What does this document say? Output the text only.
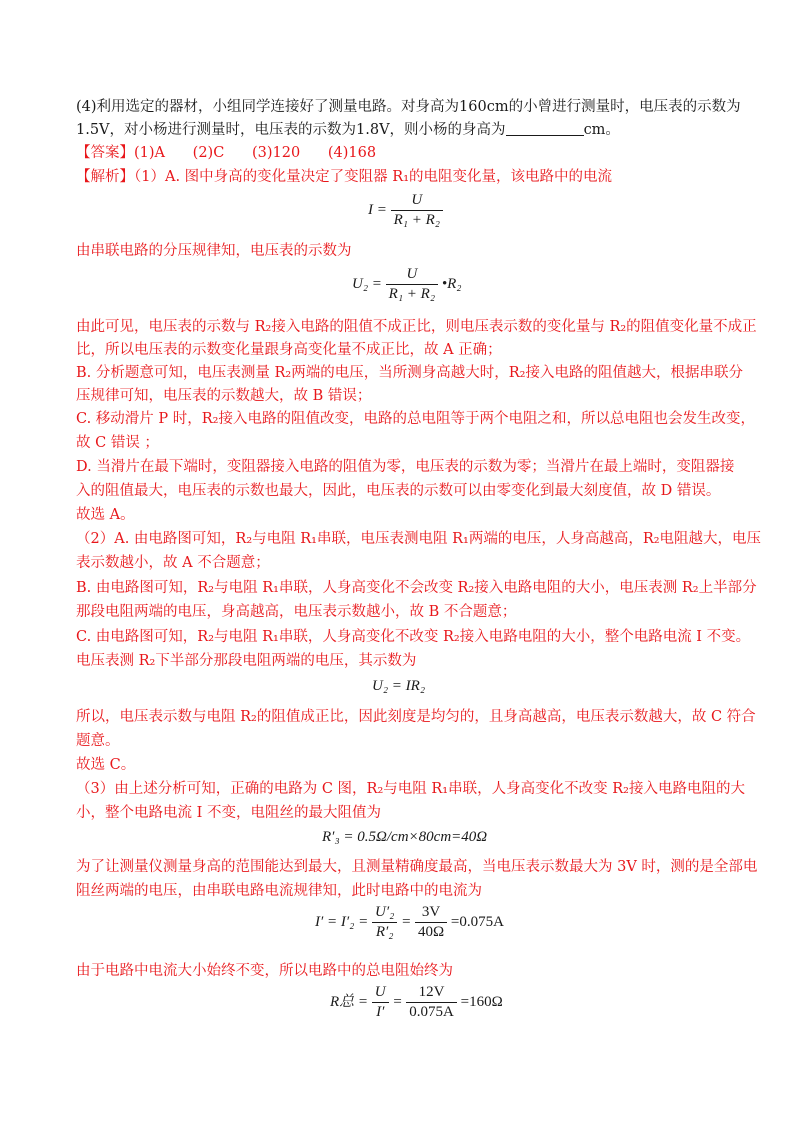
(4)利用选定的器材，小组同学连接好了测量电路。对身高为160cm的小曾进行测量时，电压表的示数为
1.5V，对小杨进行测量时，电压表的示数为1.8V，则小杨的身高为	cm。
【答案】(1)A      (2)C      (3)120      (4)168
【解析】（1）A. 图中身高的变化量决定了变阻器 R₁的电阻变化量，该电路中的电流
$I = \frac{U}{\text{R₁ + R₂}}$
由串联电路的分压规律知，电压表的示数为
$U_2 = \frac{U}{\text{R₁ + R₂}}$ •R₂
由此可见，电压表的示数与 R₂接入电路的阻值不成正比，则电压表示数的变化量与 R₂的阻值变化量不成正
比，所以电压表的示数变化量跟身高变化量不成正比，故 A 正确；
B. 分析题意可知，电压表测量 R₂两端的电压，当所测身高越大时，R₂接入电路的阻值越大，根据串联分
压规律可知，电压表的示数越大，故 B 错误；
C. 移动滑片 P 时，R₂接入电路的阻值改变，电路的总电阻等于两个电阻之和，所以总电阻也会发生改变，
故 C 错误 ；
D. 当滑片在最下端时，变阻器接入电路的阻值为零，电压表的示数为零；当滑片在最上端时，变阻器接
入的阻值最大，电压表的示数也最大，因此，电压表的示数可以由零变化到最大刻度值，故 D 错误。
故选 A。
（2）A. 由电路图可知，R₂与电阻 R₁串联，电压表测电阻 R₁两端的电压，人身高越高，R₂电阻越大，电压
表示数越小，故 A 不合题意；
B. 由电路图可知，R₂与电阻 R₁串联，人身高变化不会改变 R₂接入电路电阻的大小，电压表测 R₂上半部分
那段电阻两端的电压，身高越高，电压表示数越小，故 B 不合题意；
C. 由电路图可知，R₂与电阻 R₁串联，人身高变化不改变 R₂接入电路电阻的大小，整个电路电流 I 不变。
电压表测 R₂下半部分那段电阻两端的电压，其示数为
U₂ = IR₂
所以，电压表示数与电阻 R₂的阻值成正比，因此刻度是均匀的，且身高越高，电压表示数越大，故 C 符合
题意。
故选 C。
（3）由上述分析可知，正确的电路为 C 图，R₂与电阻 R₁串联，人身高变化不改变 R₂接入电路电阻的大
小，整个电路电流 I 不变，电阻丝的最大阻值为
R′₃ = 0.5Ω/cm×80cm=40Ω
为了让测量仪测量身高的范围能达到最大，且测量精确度最高，当电压表示数最大为 3V 时，测的是全部电
阻丝两端的电压，由串联电路电流规律知，此时电路中的电流为
$I' = I'_2 = \frac{\text{U′₂}}{\text{R′₂}} = \frac{3V}{40\Omega} =0.075A$
由于电路中电流大小始终不变，所以电路中的总电阻始终为
R总 = $\frac{U}{I'} = \frac{12V}{0.075A} =160\Omega$
